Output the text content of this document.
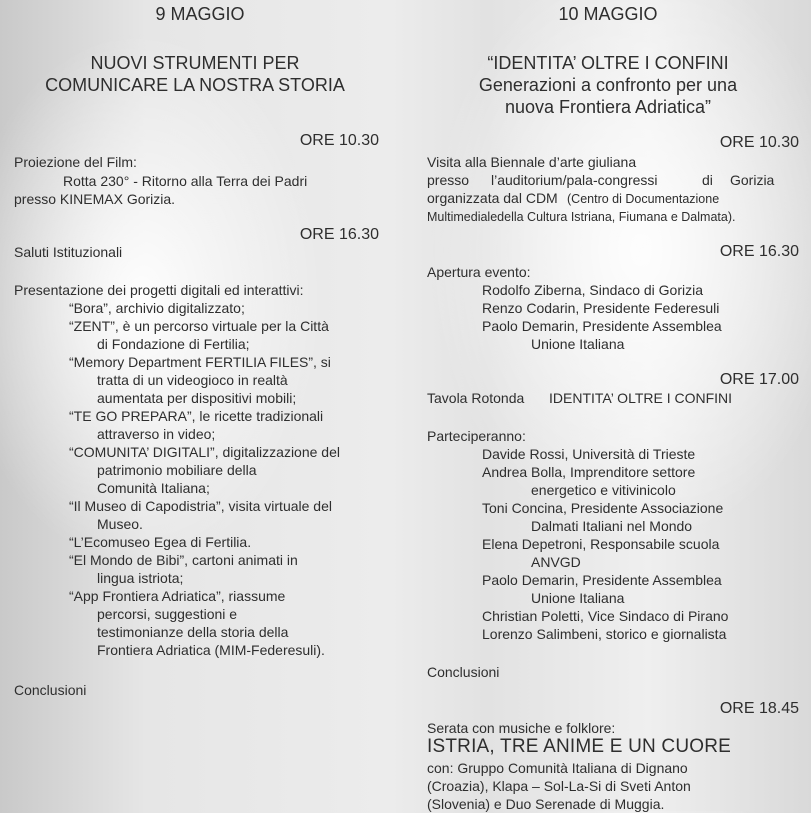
9 MAGGIO
NUOVI STRUMENTI PER
COMUNICARE LA NOSTRA STORIA
ORE 10.30
Proiezione del Film:
Rotta 230° - Ritorno alla Terra dei Padri
presso KINEMAX Gorizia.
ORE 16.30
Saluti Istituzionali
Presentazione dei progetti digitali ed interattivi:
“Bora”, archivio digitalizzato;
“ZENT”, è un percorso virtuale per la Città
di Fondazione di Fertilia;
“Memory Department FERTILIA FILES”, si
tratta di un videogioco in realtà
aumentata per dispositivi mobili;
“TE GO PREPARA”, le ricette tradizionali
attraverso in video;
“COMUNITA’ DIGITALI”, digitalizzazione del
patrimonio mobiliare della
Comunità Italiana;
“Il Museo di Capodistria”, visita virtuale del
Museo.
“L’Ecomuseo Egea di Fertilia.
“El Mondo de Bibi”, cartoni animati in
lingua istriota;
“App Frontiera Adriatica”, riassume
percorsi, suggestioni e
testimonianze della storia della
Frontiera Adriatica (MIM-Federesuli).
Conclusioni
10 MAGGIO
“IDENTITA’ OLTRE I CONFINI
Generazioni a confronto per una
nuova Frontiera Adriatica”
ORE 10.30
Visita alla Biennale d’arte giuliana
presso l’auditorium/pala-congressi	di Gorizia
organizzata dal CDM (Centro di Documentazione
Multimedialedella Cultura Istriana, Fiumana e Dalmata).
ORE 16.30
Apertura evento:
Rodolfo Ziberna, Sindaco di Gorizia
Renzo Codarin, Presidente Federesuli
Paolo Demarin, Presidente Assemblea
Unione Italiana
ORE 17.00
Tavola Rotonda IDENTITA’ OLTRE I CONFINI
Parteciperanno:
Davide Rossi, Università di Trieste
Andrea Bolla, Imprenditore settore
energetico e vitivinicolo
Toni Concina, Presidente Associazione
Dalmati Italiani nel Mondo
Elena Depetroni, Responsabile scuola
ANVGD
Paolo Demarin, Presidente Assemblea
Unione Italiana
Christian Poletti, Vice Sindaco di Pirano
Lorenzo Salimbeni, storico e giornalista
Conclusioni
ORE 18.45
Serata con musiche e folklore:
ISTRIA, TRE ANIME E UN CUORE
con: Gruppo Comunità Italiana di Dignano
(Croazia), Klapa – Sol-La-Si di Sveti Anton
(Slovenia) e Duo Serenade di Muggia.
